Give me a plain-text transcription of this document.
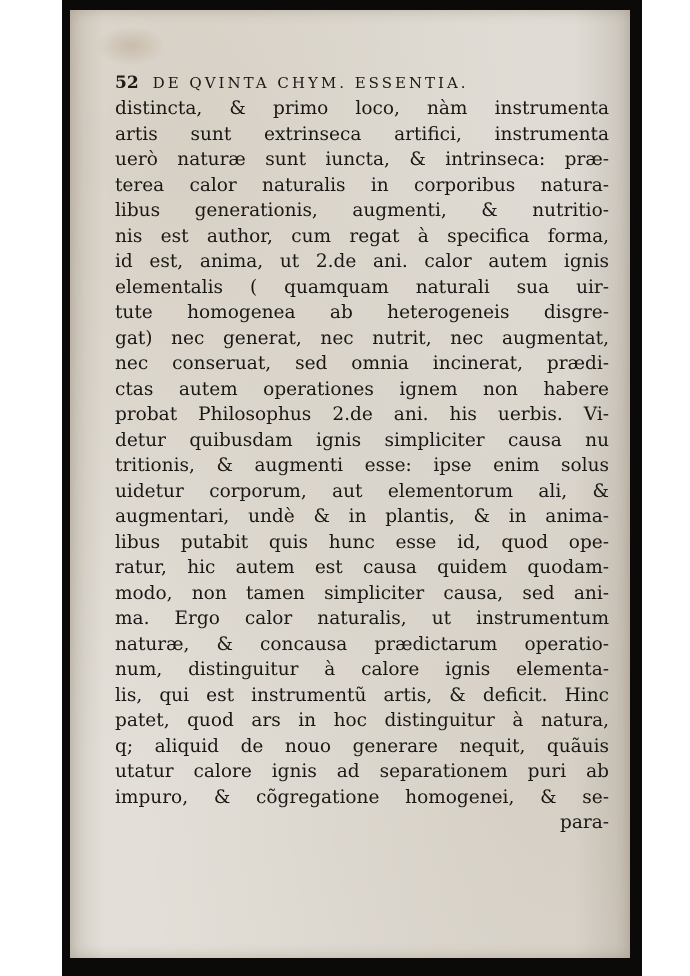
52 DE QVINTA CHYM. ESSENTIA.
distincta, & primo loco, nàm instrumenta
artis sunt extrinseca artifici, instrumenta
uerò naturæ sunt iuncta, & intrinseca: præ-
terea calor naturalis in corporibus natura-
libus generationis, augmenti, & nutritio-
nis est author, cum regat à specifica forma,
id est, anima, ut 2.de ani. calor autem ignis
elementalis ( quamquam naturali sua uir-
tute homogenea ab heterogeneis disgre-
gat) nec generat, nec nutrit, nec augmentat,
nec conseruat, sed omnia incinerat, prædi-
ctas autem operationes ignem non habere
probat Philosophus 2.de ani. his uerbis. Vi-
detur quibusdam ignis simpliciter causa nu
tritionis, & augmenti esse: ipse enim solus
uidetur corporum, aut elementorum ali, &
augmentari, undè & in plantis, & in anima-
libus putabit quis hunc esse id, quod ope-
ratur, hic autem est causa quidem quodam-
modo, non tamen simpliciter causa, sed ani-
ma. Ergo calor naturalis, ut instrumentum
naturæ, & concausa prædictarum operatio-
num, distinguitur à calore ignis elementa-
lis, qui est instrumentũ artis, & deficit. Hinc
patet, quod ars in hoc distinguitur à natura,
q; aliquid de nouo generare nequit, quãuis
utatur calore ignis ad separationem puri ab
impuro, & cõgregatione homogenei, & se-
para-
